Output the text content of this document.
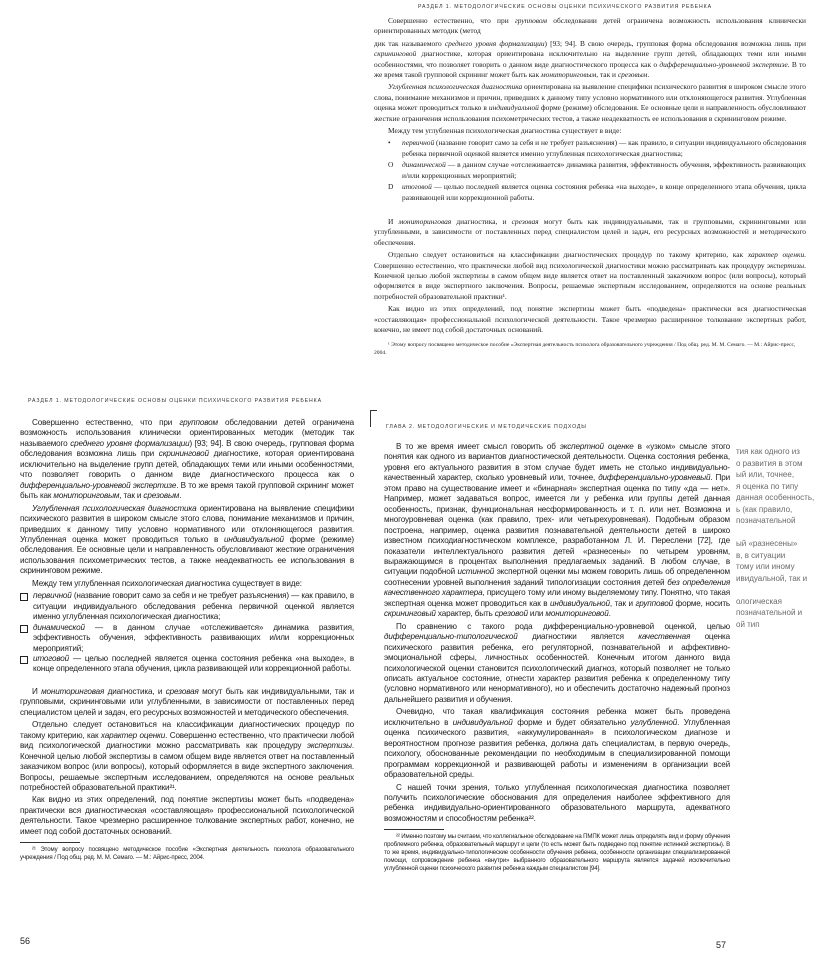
РАЗДЕЛ 1. МЕТОДОЛОГИЧЕСКИЕ ОСНОВЫ ОЦЕНКИ ПСИХИЧЕСКОГО РАЗВИТИЯ РЕБЕНКА

Совершенно естественно, что при групповом обследовании детей ограничена возможность использования клинически ориентированных методик (метод

дик так называемого среднего уровня формализации) [93; 94]. В свою очередь, групповая форма обследования возможна лишь при скрининговой диагностике, которая ориентирована исключительно на выделение групп детей, обладающих теми или иными особенностями, что позволяет говорить о данном виде диагностического процесса как о дифференциально-уровневой экспертизе. В то же время такой групповой скрининг может быть как мониторинговым, так и срезовым.

Углубленная психологическая диагностика ориентирована на выявление специфики психического развития в широком смысле этого слова, понимание механизмов и причин, приведших к данному типу условно нормативного или отклоняющегося развития. Углубленная оценка может проводиться только в индивидуальной форме (режиме) обследования. Ее основные цели и направленность обусловливают жесткие ограничения использования психометрических тестов, а также неадекватность ее использования в скрининговом режиме.

Между тем углубленная психологическая диагностика существует в виде:

•	первичной (название говорит само за себя и не требует разъяснения) — как правило, в ситуации индивидуального обследования ребенка первичной оценкой является именно углубленная психологическая диагностика;
О	динамической — в данном случае «отслеживается» динамика развития, эффективность обучения, эффективность развивающих и/или коррекционных мероприятий;
D	итоговой — целью последней является оценка состояния ребенка «на выходе», в конце определенного этапа обучения, цикла развивающей или коррекционной работы.

И мониторинговая диагностика, и срезовая могут быть как индивидуальными, так и групповыми, скрининговыми или углубленными, в зависимости от поставленных перед специалистом целей и задач, его ресурсных возможностей и методического обеспечения.

Отдельно следует остановиться на классификации диагностических процедур по такому критерию, как характер оценки. Совершенно естественно, что практически любой вид психологической диагностики можно рассматривать как процедуру экспертизы. Конечной целью любой экспертизы в самом общем виде является ответ на поставленный заказчиком вопрос (или вопросы), который оформляется в виде экспертного заключения. Вопросы, решаемые экспертным исследованием, определяются на основе реальных потребностей образовательной практики¹.

Как видно из этих определений, под понятие экспертизы может быть «подведена» практически вся диагностическая «составляющая» профессиональной психологической деятельности. Такое чрезмерно расширенное толкование экспертных работ, конечно, не имеет под собой достаточных оснований.

¹ Этому вопросу посвящено методическое пособие «Экспертная деятельность психолога образовательного учреждения / Под общ. ред. М. М. Семаго. — М.: Айрис-пресс, 2004.
РАЗДЕЛ 1. МЕТОДОЛОГИЧЕСКИЕ ОСНОВЫ ОЦЕНКИ ПСИХИЧЕСКОГО РАЗВИТИЯ РЕБЕНКА

Совершенно естественно, что при групповом обследовании детей ограничена возможность использования клинически ориентированных методик (методик так называемого среднего уровня формализации) [93; 94]. В свою очередь, групповая форма обследования возможна лишь при скрининговой диагностике, которая ориентирована исключительно на выделение групп детей, обладающих теми или иными особенностями, что позволяет говорить о данном виде диагностического процесса как о дифференциально-уровневой экспертизе. В то же время такой групповой скрининг может быть как мониторинговым, так и срезовым.

Углубленная психологическая диагностика ориентирована на выявление специфики психического развития в широком смысле этого слова, понимание механизмов и причин, приведших к данному типу условно нормативного или отклоняющегося развития. Углубленная оценка может проводиться только в индивидуальной форме (режиме) обследования. Ее основные цели и направленность обусловливают жесткие ограничения использования психометрических тестов, а также неадекватность ее использования в скрининговом режиме.

Между тем углубленная психологическая диагностика существует в виде:

первичной (название говорит само за себя и не требует разъяснения) — как правило, в ситуации индивидуального обследования ребенка первичной оценкой является именно углубленная психологическая диагностика;
динамической — в данном случае «отслеживается» динамика развития, эффективность обучения, эффективность развивающих и/или коррекционных мероприятий;
итоговой — целью последней является оценка состояния ребенка «на выходе», в конце определенного этапа обучения, цикла развивающей или коррекционной работы.

И мониторинговая диагностика, и срезовая могут быть как индивидуальными, так и групповыми, скрининговыми или углубленными, в зависимости от поставленных перед специалистом целей и задач, его ресурсных возможностей и методического обеспечения.

Отдельно следует остановиться на классификации диагностических процедур по такому критерию, как характер оценки. Совершенно естественно, что практически любой вид психологической диагностики можно рассматривать как процедуру экспертизы. Конечной целью любой экспертизы в самом общем виде является ответ на поставленный заказчиком вопрос (или вопросы), который оформляется в виде экспертного заключения. Вопросы, решаемые экспертным исследованием, определяются на основе реальных потребностей образовательной практики²¹.

Как видно из этих определений, под понятие экспертизы может быть «подведена» практически вся диагностическая «составляющая» профессиональной психологической деятельности. Такое чрезмерно расширенное толкование экспертных работ, конечно, не имеет под собой достаточных оснований.

²¹ Этому вопросу посвящено методическое пособие «Экспертная деятельность психолога образовательного учреждения / Под общ. ред. М. М. Семаго. — М.: Айрис-пресс, 2004.
56
ГЛАВА 2. МЕТОДОЛОГИЧЕСКИЕ И МЕТОДИЧЕСКИЕ ПОДХОДЫ

В то же время имеет смысл говорить об экспертной оценке в «узком» смысле этого понятия как одного из вариантов диагностической деятельности. Оценка состояния ребенка, уровня его актуального развития в этом случае будет иметь не столько индивидуально-качественный характер, сколько уровневый или, точнее, дифференциально-уровневый. При этом право на существование имеет и «бинарная» экспертная оценка по типу «да — нет». Например, может задаваться вопрос, имеется ли у ребенка или группы детей данная особенность, признак, функциональная несформированность и т. п. или нет. Возможна и многоуровневая оценка (как правило, трех- или четырехуровневая). Подобным образом построена, например, оценка развития познавательной деятельности детей в широко известном психодиагностическом комплексе, разработанном Л. И. Переслени [72], где показатели интеллектуального развития детей «разнесены» по четырем уровням, выражающимся в процентах выполнения предлагаемых заданий. В любом случае, в ситуации подобной истинной экспертной оценки мы можем говорить лишь об определенном соотнесении уровней выполнения заданий типологизации состояния детей без определения качественного характера, присущего тому или иному выделяемому типу. Понятно, что такая экспертная оценка может проводиться как в индивидуальной, так и групповой форме, носить скрининговый характер, быть срезовой или мониторинговой.

По сравнению с такого рода дифференциально-уровневой оценкой, целью дифференциально-типологической диагностики является качественная оценка психического развития ребенка, его регуляторной, познавательной и аффективно-эмоциональной сферы, личностных особенностей. Конечным итогом данного вида психологической оценки становится психологический диагноз, который позволяет не только описать актуальное состояние, отнести характер развития ребенка к определенному типу (условно нормативного или ненормативного), но и обеспечить достаточно надежный прогноз дальнейшего развития и обучения.

Очевидно, что такая квалификация состояния ребенка может быть проведена исключительно в индивидуальной форме и будет обязательно углубленной. Углубленная оценка психического развития, «аккумулированная» в психологическом диагнозе и вероятностном прогнозе развития ребенка, должна дать специалистам, в первую очередь, психологу, обоснованные рекомендации по необходимым в специализированной помощи программам коррекционной и развивающей работы и изменениям в организации всей образовательной среды.

С нашей точки зрения, только углубленная психологическая диагностика позволяет получить психологические обоснования для определения наиболее эффективного для ребенка индивидуально-ориентированного образовательного маршрута, адекватного возможностям и способностям ребенка²².

²² Именно поэтому мы считаем, что коллегиальное обследование на ПМПК может лишь определять вид и форму обучения проблемного ребенка, образовательный маршрут и цели (то есть может быть подведено под понятие истинной экспертизы). В то же время, индивидуально-типологические особенности обучения ребенка, особенности организации специализированной помощи, сопровождение ребенка «внутри» выбранного образовательного маршрута является задачей исключительно углубленной оценки психического развития ребенка каждым специалистом [94].
57
тия как одного из
о развития в этом
ый или, точнее,
я оценка по типу
данная особенность,
ь (как правило,
позначательной

ый «разнесены»
в, в ситуации
тому или иному
ивидуальной, так и

ологическая
позначательной и
ой тип
